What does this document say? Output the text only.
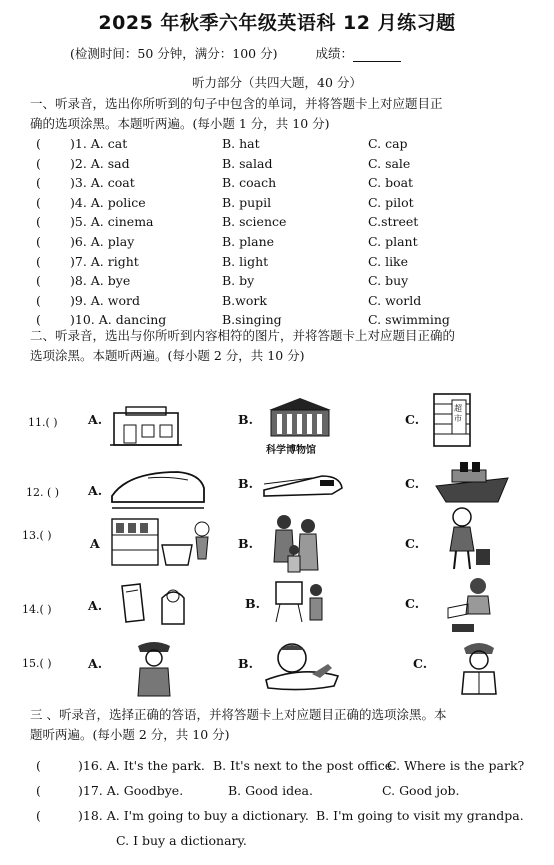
2025 年秋季六年级英语科 12 月练习题
(检测时间：50 分钟，满分：100 分)	成绩：
听力部分（共四大题，40 分）
一、听录音，选出你所听到的句子中包含的单词，并将答题卡上对应题目正
确的选项涂黑。本题听两遍。(每小题 1 分，共 10 分)
( )1. A. cat	B. hat	C. cap
( )2. A. sad	B. salad	C. sale
( )3. A. coat	B. coach	C. boat
( )4. A. police	B. pupil	C. pilot
( )5. A. cinema	B. science	C.street
( )6. A. play	B. plane	C. plant
( )7. A. right	B. light	C. like
( )8. A. bye	B. by	C. buy
( )9. A. word	B.work	C. world
( )10. A. dancing	B.singing	C. swimming
二、听录音，选出与你所听到内容相符的图片，并将答题卡上对应题目正确的
选项涂黑。本题听两遍。(每小题 2 分，共 10 分)
11.( ) A.	B.
科学博物馆
C.
超市
12. ( ) A.	B.	C.
13.( )
A	B.	C.
14.( )	A.	B.	C.
15.( )	A.	B.	C.
三 、听录音，选择正确的答语，并将答题卡上对应题目正确的选项涂黑。本
题听两遍。(每小题 2 分，共 10 分)
(	)16. A. It's the park. B. It's next to the post office.
C. Where is the park?
(	)17. A. Goodbye.	B. Good idea.	C. Good job.
(	)18. A. I'm going to buy a dictionary. B. I'm going to visit my grandpa.
C. I buy a dictionary.
